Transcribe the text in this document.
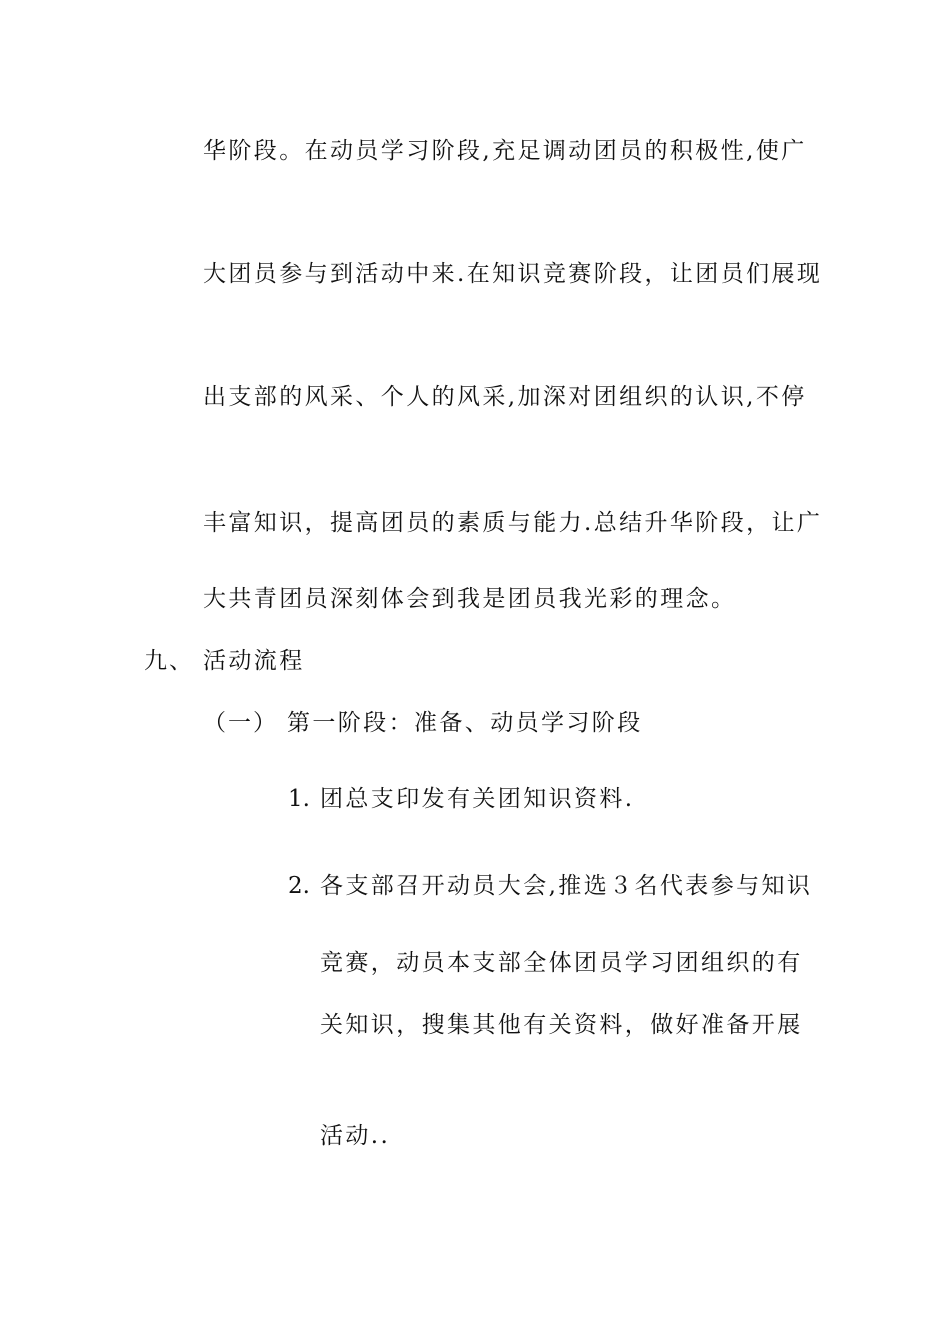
华阶段。在动员学习阶段,充足调动团员的积极性,使广
大团员参与到活动中来.在知识竞赛阶段，让团员们展现
出支部的风采、个人的风采,加深对团组织的认识,不停
丰富知识，提高团员的素质与能力.总结升华阶段，让广
大共青团员深刻体会到我是团员我光彩的理念。
九、 活动流程
（一） 第一阶段：准备、动员学习阶段
1. 团总支印发有关团知识资料.
2. 各支部召开动员大会,推选３名代表参与知识
竞赛，动员本支部全体团员学习团组织的有
关知识，搜集其他有关资料，做好准备开展
活动..
